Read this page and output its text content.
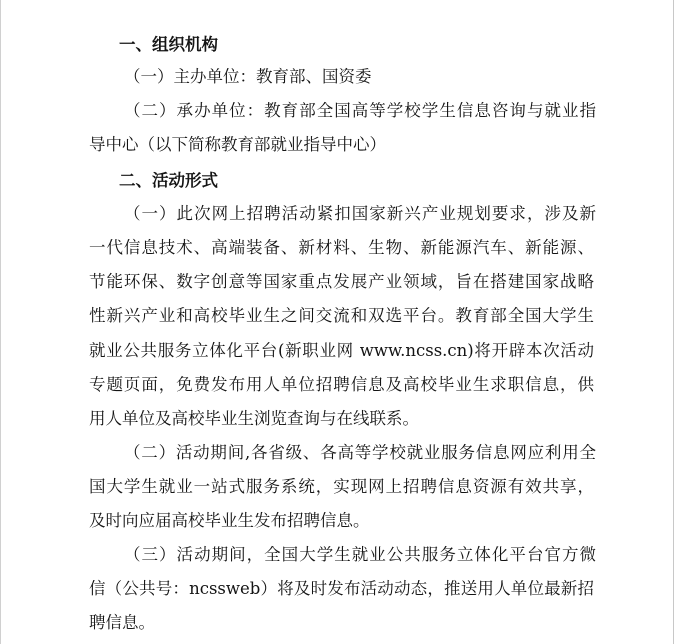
一、组织机构
（一）主办单位：教育部、国资委
（二）承办单位：教育部全国高等学校学生信息咨询与就业指
导中心（以下简称教育部就业指导中心）
二、活动形式
（一）此次网上招聘活动紧扣国家新兴产业规划要求，涉及新
一代信息技术、高端装备、新材料、生物、新能源汽车、新能源、
节能环保、数字创意等国家重点发展产业领域，旨在搭建国家战略
性新兴产业和高校毕业生之间交流和双选平台。教育部全国大学生
就业公共服务立体化平台(新职业网 www.ncss.cn)将开辟本次活动
专题页面，免费发布用人单位招聘信息及高校毕业生求职信息，供
用人单位及高校毕业生浏览查询与在线联系。
（二）活动期间,各省级、各高等学校就业服务信息网应利用全
国大学生就业一站式服务系统，实现网上招聘信息资源有效共享，
及时向应届高校毕业生发布招聘信息。
（三）活动期间，全国大学生就业公共服务立体化平台官方微
信（公共号：ncssweb）将及时发布活动动态，推送用人单位最新招
聘信息。
